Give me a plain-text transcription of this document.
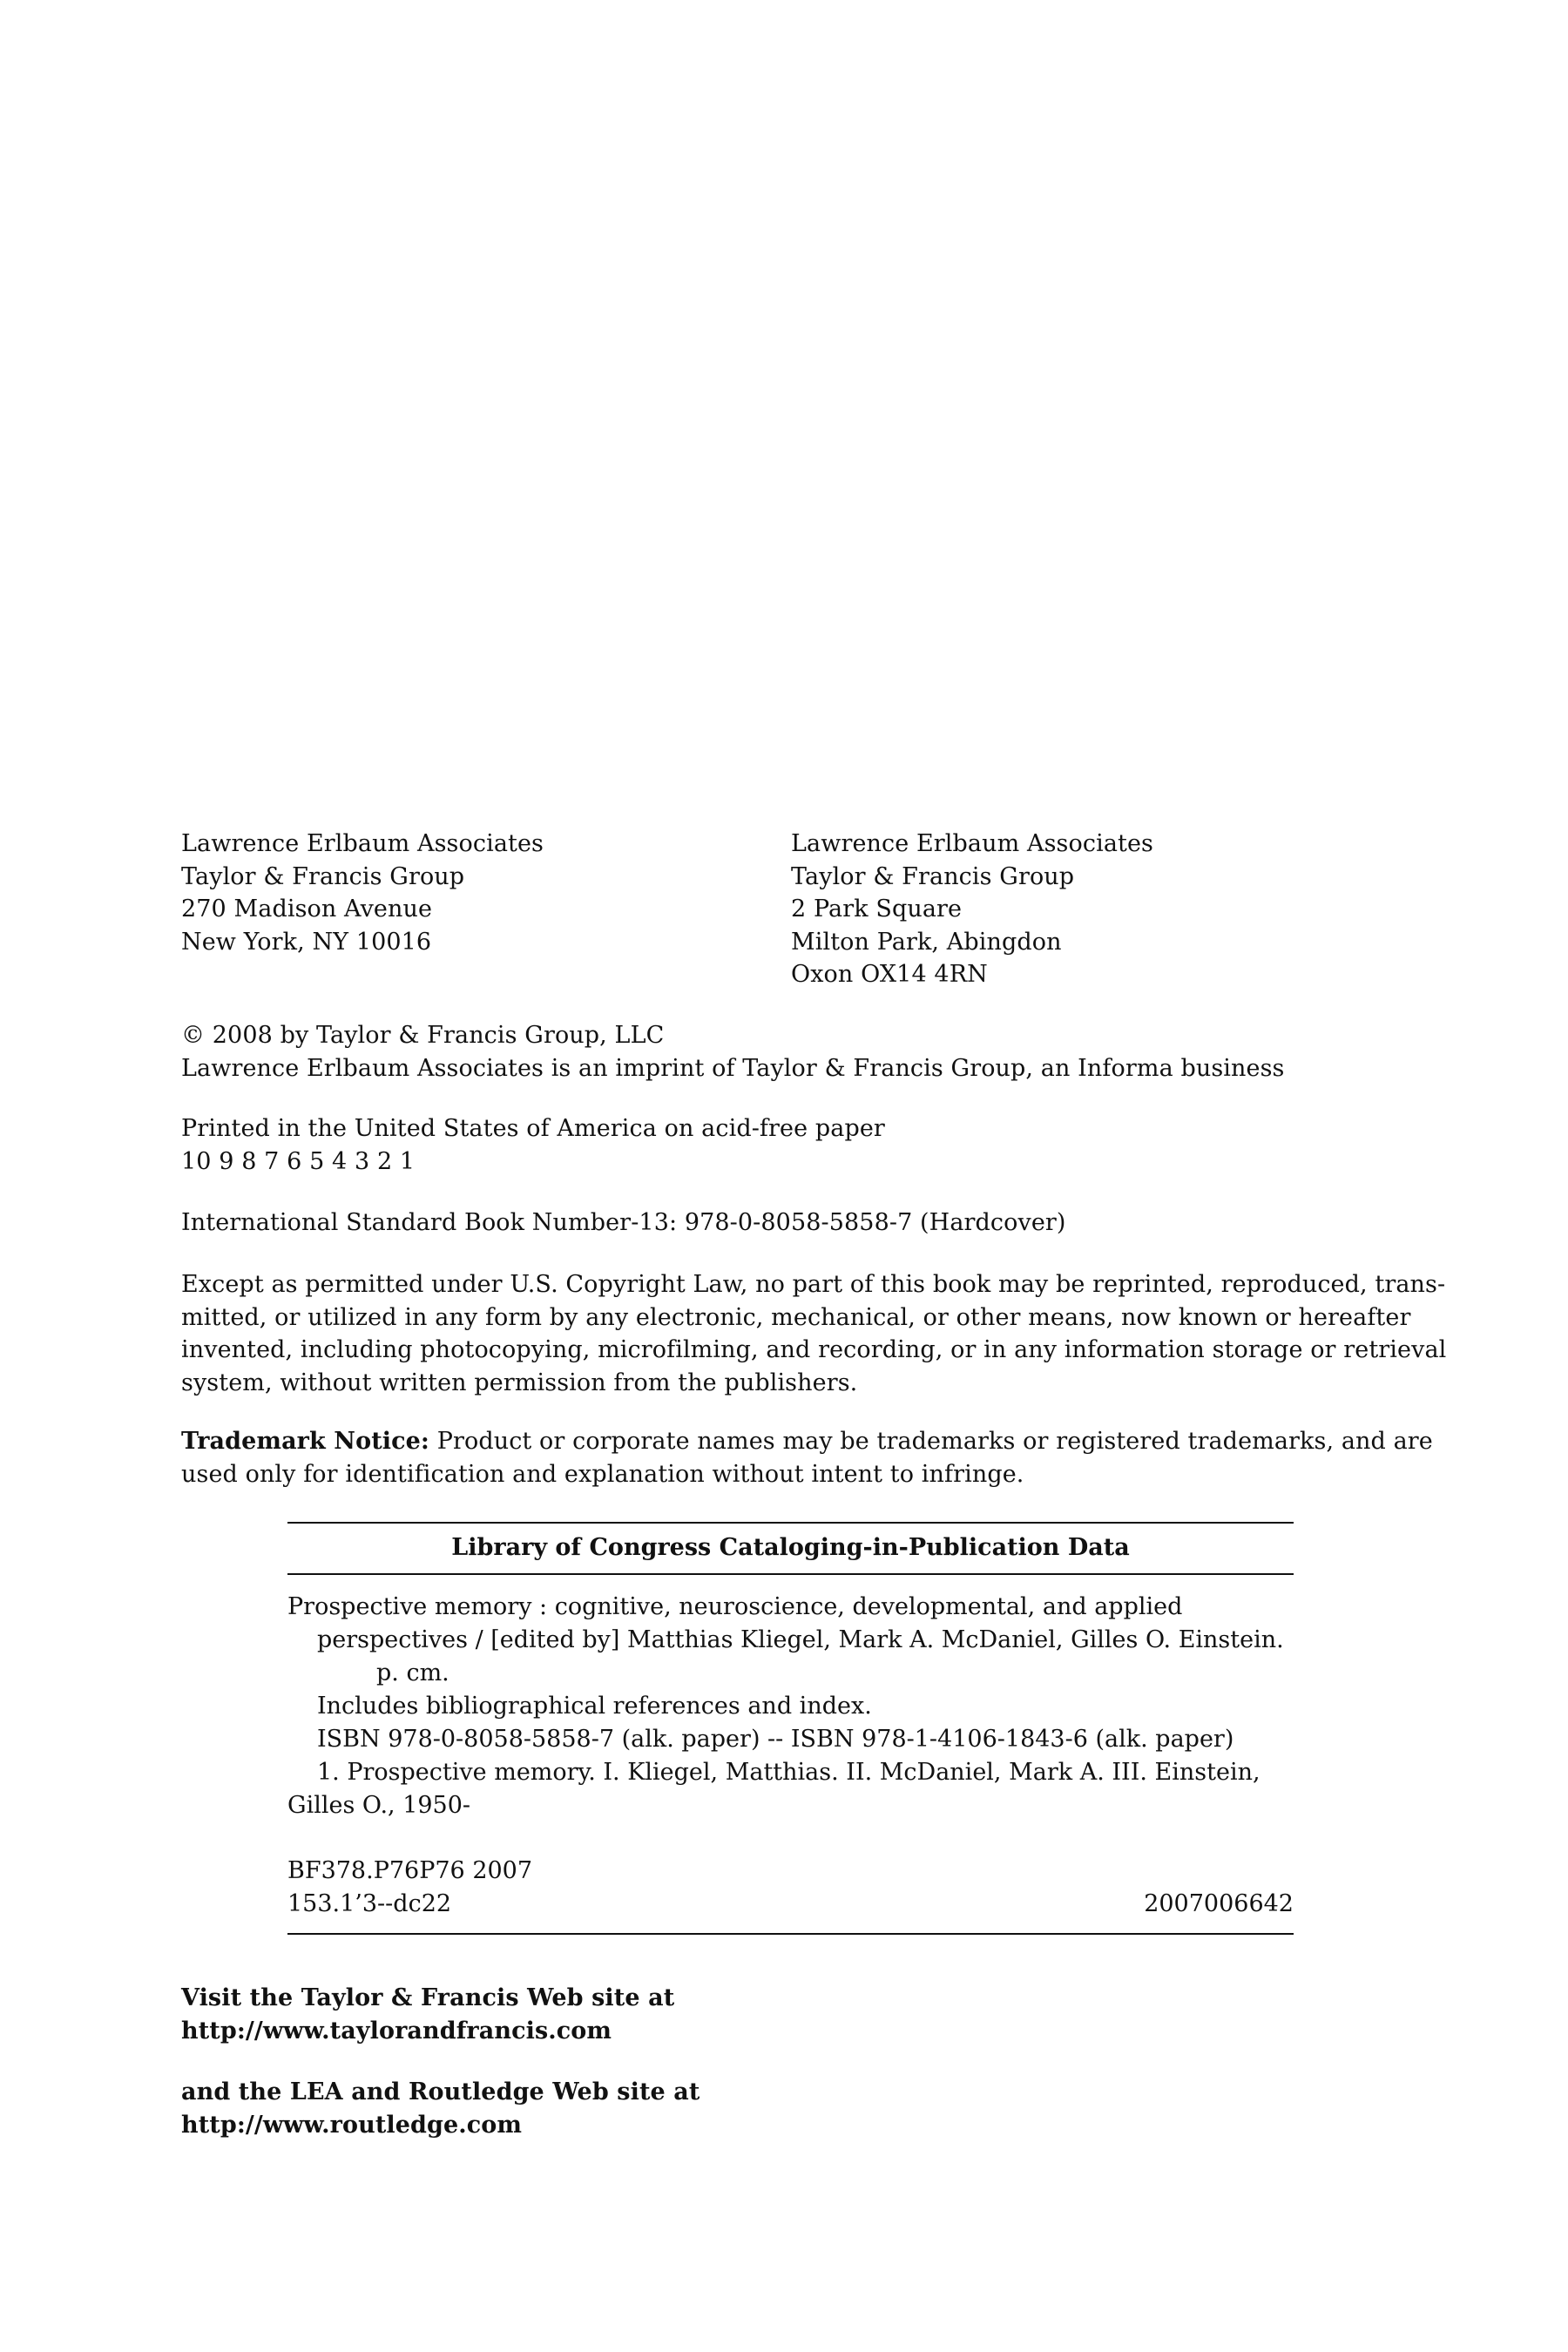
Lawrence Erlbaum Associates
Taylor & Francis Group
270 Madison Avenue
New York, NY 10016
Lawrence Erlbaum Associates
Taylor & Francis Group
2 Park Square
Milton Park, Abingdon
Oxon OX14 4RN
© 2008 by Taylor & Francis Group, LLC
Lawrence Erlbaum Associates is an imprint of Taylor & Francis Group, an Informa business
Printed in the United States of America on acid-free paper
10 9 8 7 6 5 4 3 2 1
International Standard Book Number-13: 978-0-8058-5858-7 (Hardcover)
Except as permitted under U.S. Copyright Law, no part of this book may be reprinted, reproduced, trans-
mitted, or utilized in any form by any electronic, mechanical, or other means, now known or hereafter
invented, including photocopying, microfilming, and recording, or in any information storage or retrieval
system, without written permission from the publishers.
Trademark Notice: Product or corporate names may be trademarks or registered trademarks, and are
used only for identification and explanation without intent to infringe.
Library of Congress Cataloging-in-Publication Data
Prospective memory : cognitive, neuroscience, developmental, and applied
perspectives / [edited by] Matthias Kliegel, Mark A. McDaniel, Gilles O. Einstein.
p. cm.
Includes bibliographical references and index.
ISBN 978-0-8058-5858-7 (alk. paper) -- ISBN 978-1-4106-1843-6 (alk. paper)
1. Prospective memory. I. Kliegel, Matthias. II. McDaniel, Mark A. III. Einstein,
Gilles O., 1950-
BF378.P76P76 2007
153.1’3--dc22	2007006642
Visit the Taylor & Francis Web site at
http://www.taylorandfrancis.com
and the LEA and Routledge Web site at
http://www.routledge.com
